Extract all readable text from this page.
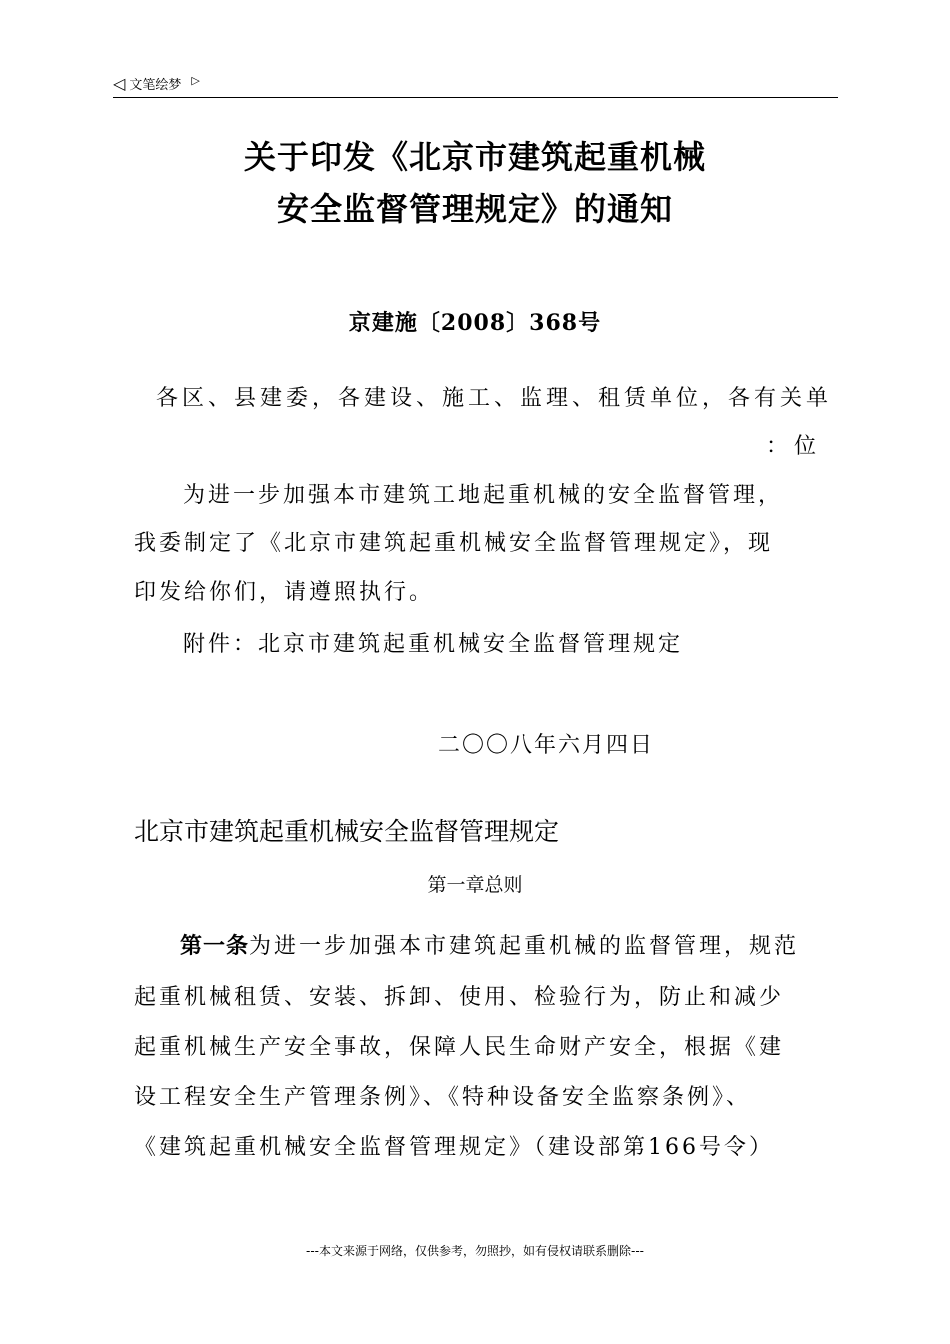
◁ 文笔绘梦 ▷
关于印发《北京市建筑起重机械
安全监督管理规定》的通知
京建施〔2008〕368号
各区、县建委，各建设、施工、监理、租赁单位，各有关单
：位
为进一步加强本市建筑工地起重机械的安全监督管理，
我委制定了《北京市建筑起重机械安全监督管理规定》，现
印发给你们，请遵照执行。
附件：北京市建筑起重机械安全监督管理规定
二〇〇八年六月四日
北京市建筑起重机械安全监督管理规定
第一章总则
第一条为进一步加强本市建筑起重机械的监督管理，规范
起重机械租赁、安装、拆卸、使用、检验行为，防止和减少
起重机械生产安全事故，保障人民生命财产安全，根据《建
设工程安全生产管理条例》、《特种设备安全监察条例》、
《建筑起重机械安全监督管理规定》（建设部第166号令）
---本文来源于网络，仅供参考，勿照抄，如有侵权请联系删除---
